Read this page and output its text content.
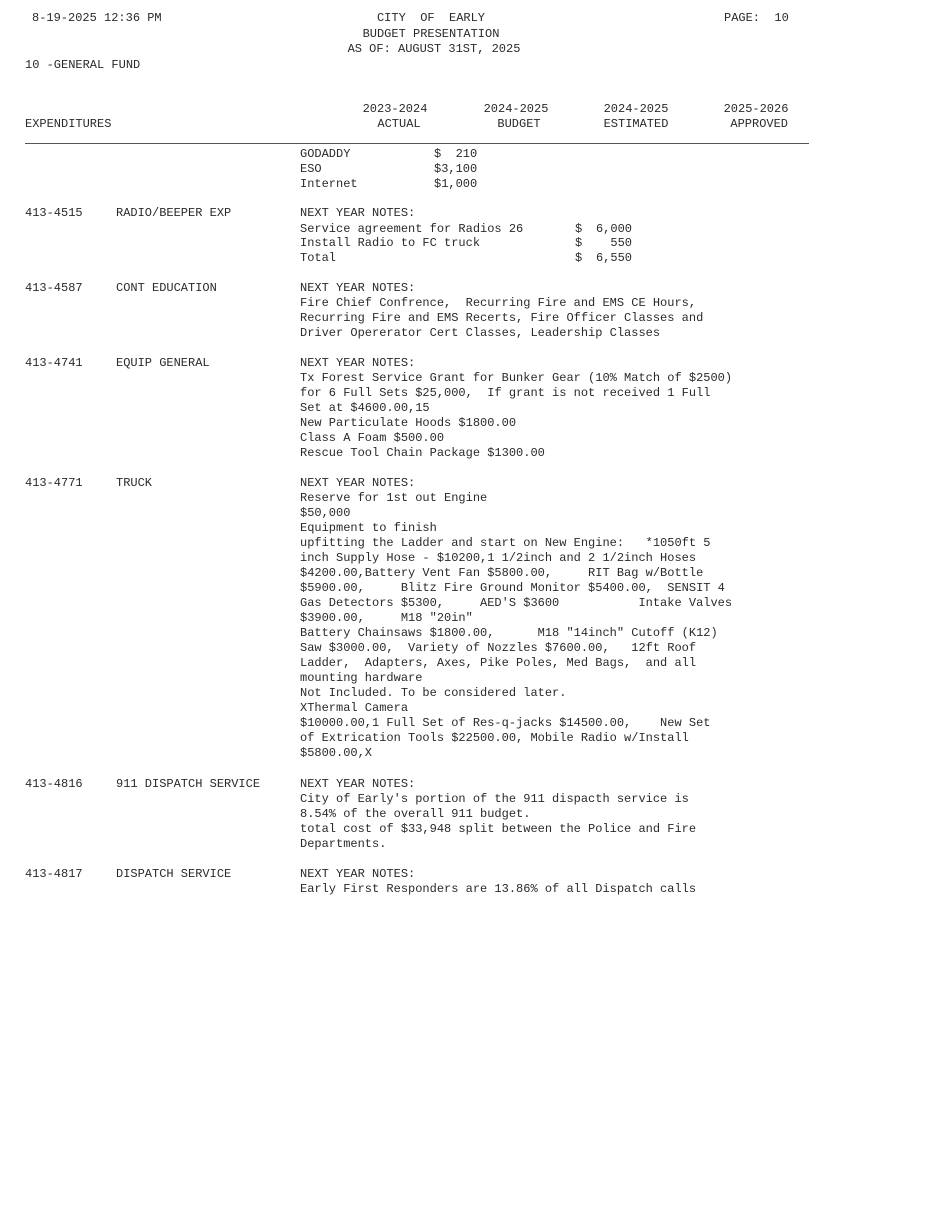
8-19-2025 12:36 PM	CITY  OF  EARLY
BUDGET PRESENTATION
AS OF: AUGUST 31ST, 2025
PAGE:  10
10 -GENERAL FUND
2023-2024	2024-2025	2024-2025	2025-2026
EXPENDITURES	ACTUAL	BUDGET	ESTIMATED	APPROVED
GODADDY	$  210
ESO	$3,100
Internet	$1,000
413-4515	RADIO/BEEPER EXP	NEXT YEAR NOTES:
Service agreement for Radios 26	$	6,000
Install Radio to FC truck	$	550
Total	$	6,550
413-4587	CONT EDUCATION	NEXT YEAR NOTES:
Fire Chief Confrence,  Recurring Fire and EMS CE Hours,
Recurring Fire and EMS Recerts, Fire Officer Classes and
Driver Opererator Cert Classes, Leadership Classes
413-4741	EQUIP GENERAL	NEXT YEAR NOTES:
Tx Forest Service Grant for Bunker Gear (10% Match of $2500)
for 6 Full Sets $25,000,  If grant is not received 1 Full
Set at $4600.00,15
New Particulate Hoods $1800.00
Class A Foam $500.00
Rescue Tool Chain Package $1300.00
413-4771	TRUCK	NEXT YEAR NOTES:
Reserve for 1st out Engine
$50,000
Equipment to finish
upfitting the Ladder and start on New Engine:   *1050ft 5
inch Supply Hose - $10200,1 1/2inch and 2 1/2inch Hoses
$4200.00,Battery Vent Fan $5800.00,     RIT Bag w/Bottle
$5900.00,     Blitz Fire Ground Monitor $5400.00,  SENSIT 4
Gas Detectors $5300,     AED'S $3600           Intake Valves
$3900.00,     M18 "20in"
Battery Chainsaws $1800.00,      M18 "14inch" Cutoff (K12)
Saw $3000.00,  Variety of Nozzles $7600.00,   12ft Roof
Ladder,  Adapters, Axes, Pike Poles, Med Bags,  and all
mounting hardware
Not Included. To be considered later.
XThermal Camera
$10000.00,1 Full Set of Res-q-jacks $14500.00,    New Set
of Extrication Tools $22500.00, Mobile Radio w/Install
$5800.00,X
413-4816	911 DISPATCH SERVICE	NEXT YEAR NOTES:
City of Early's portion of the 911 dispacth service is
8.54% of the overall 911 budget.
total cost of $33,948 split between the Police and Fire
Departments.
413-4817	DISPATCH SERVICE	NEXT YEAR NOTES:
Early First Responders are 13.86% of all Dispatch calls
